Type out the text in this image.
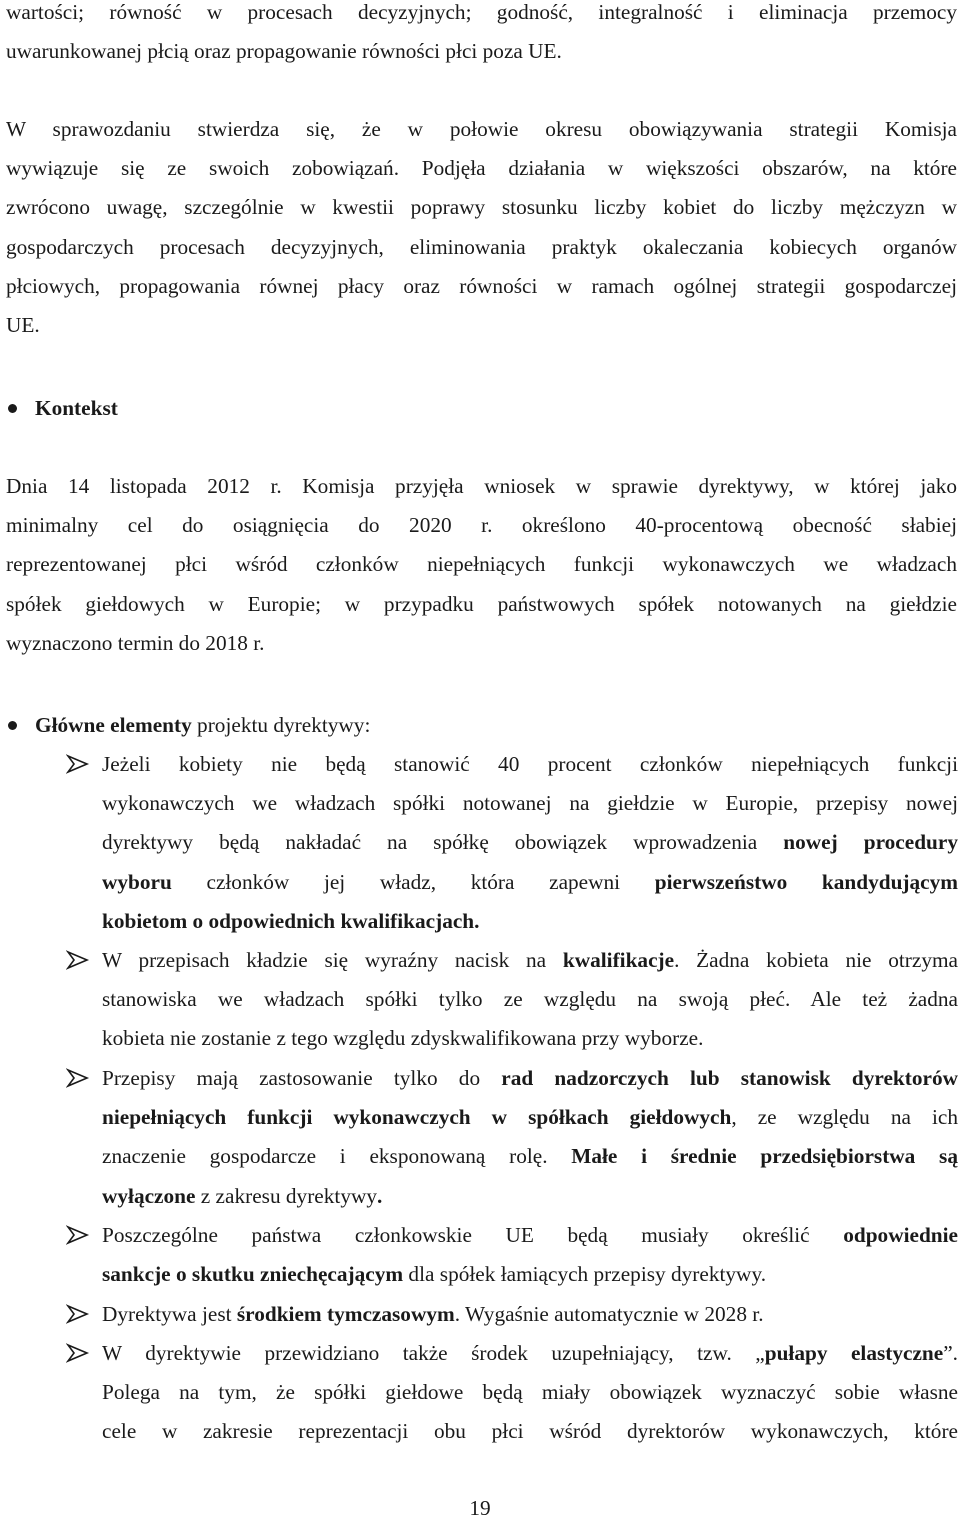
wartości; równość w procesach decyzyjnych; godność, integralność i eliminacja przemocy
uwarunkowanej płcią oraz propagowanie równości płci poza UE.
W sprawozdaniu stwierdza się, że w połowie okresu obowiązywania strategii Komisja
wywiązuje się ze swoich zobowiązań. Podjęła działania w większości obszarów, na które
zwrócono uwagę, szczególnie w kwestii poprawy stosunku liczby kobiet do liczby mężczyzn w
gospodarczych procesach decyzyjnych, eliminowania praktyk okaleczania kobiecych organów
płciowych, propagowania równej płacy oraz równości w ramach ogólnej strategii gospodarczej
UE.
Kontekst
Dnia 14 listopada 2012 r. Komisja przyjęła wniosek w sprawie dyrektywy, w której jako
minimalny cel do osiągnięcia do 2020 r. określono 40-procentową obecność słabiej
reprezentowanej płci wśród członków niepełniących funkcji wykonawczych we władzach
spółek giełdowych w Europie; w przypadku państwowych spółek notowanych na giełdzie
wyznaczono termin do 2018 r.
Główne elementy projektu dyrektywy:
Jeżeli kobiety nie będą stanowić 40 procent członków niepełniących funkcji
wykonawczych we władzach spółki notowanej na giełdzie w Europie, przepisy nowej
dyrektywy będą nakładać na spółkę obowiązek wprowadzenia nowej procedury
wyboru członków jej władz, która zapewni pierwszeństwo kandydującym
kobietom o odpowiednich kwalifikacjach.
W przepisach kładzie się wyraźny nacisk na kwalifikacje. Żadna kobieta nie otrzyma
stanowiska we władzach spółki tylko ze względu na swoją płeć. Ale też żadna
kobieta nie zostanie z tego względu zdyskwalifikowana przy wyborze.
Przepisy mają zastosowanie tylko do rad nadzorczych lub stanowisk dyrektorów
niepełniących funkcji wykonawczych w spółkach giełdowych, ze względu na ich
znaczenie gospodarcze i eksponowaną rolę. Małe i średnie przedsiębiorstwa są
wyłączone z zakresu dyrektywy.
Poszczególne państwa członkowskie UE będą musiały określić odpowiednie
sankcje o skutku zniechęcającym dla spółek łamiących przepisy dyrektywy.
Dyrektywa jest środkiem tymczasowym. Wygaśnie automatycznie w 2028 r.
W dyrektywie przewidziano także środek uzupełniający, tzw. „pułapy elastyczne”.
Polega na tym, że spółki giełdowe będą miały obowiązek wyznaczyć sobie własne
cele w zakresie reprezentacji obu płci wśród dyrektorów wykonawczych, które
19
